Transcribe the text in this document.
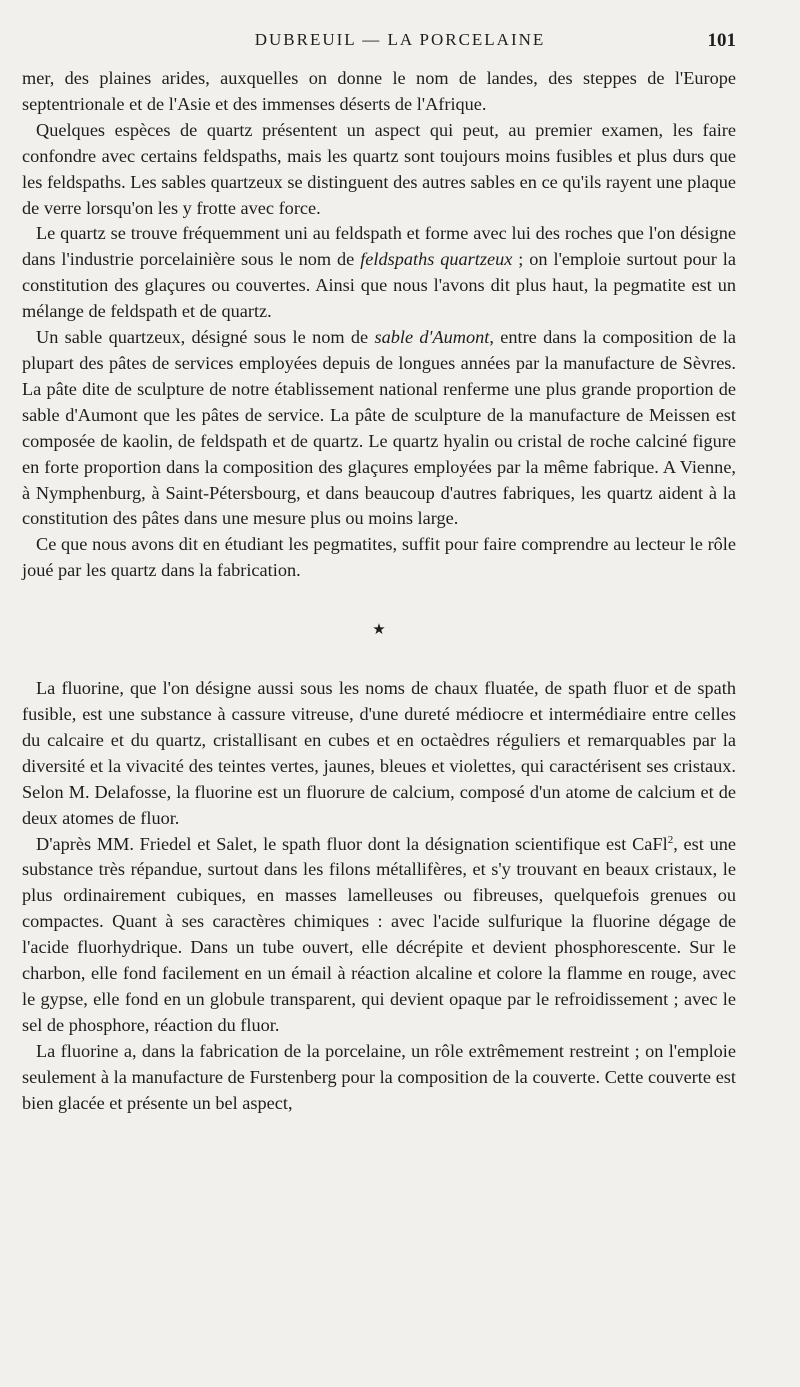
DUBREUIL — LA PORCELAINE	101

mer, des plaines arides, auxquelles on donne le nom de landes, des steppes de l'Europe septentrionale et de l'Asie et des immenses déserts de l'Afrique.

Quelques espèces de quartz présentent un aspect qui peut, au premier examen, les faire confondre avec certains feldspaths, mais les quartz sont toujours moins fusibles et plus durs que les feldspaths. Les sables quartzeux se distinguent des autres sables en ce qu'ils rayent une plaque de verre lorsqu'on les y frotte avec force.

Le quartz se trouve fréquemment uni au feldspath et forme avec lui des roches que l'on désigne dans l'industrie porcelainière sous le nom de feldspaths quartzeux ; on l'emploie surtout pour la constitution des glaçures ou couvertes. Ainsi que nous l'avons dit plus haut, la pegmatite est un mélange de feldspath et de quartz.

Un sable quartzeux, désigné sous le nom de sable d'Aumont, entre dans la composition de la plupart des pâtes de services employées depuis de longues années par la manufacture de Sèvres. La pâte dite de sculpture de notre établissement national renferme une plus grande proportion de sable d'Aumont que les pâtes de service. La pâte de sculpture de la manufacture de Meissen est composée de kaolin, de feldspath et de quartz. Le quartz hyalin ou cristal de roche calciné figure en forte proportion dans la composition des glaçures employées par la même fabrique. A Vienne, à Nymphenburg, à Saint-Pétersbourg, et dans beaucoup d'autres fabriques, les quartz aident à la constitution des pâtes dans une mesure plus ou moins large.

Ce que nous avons dit en étudiant les pegmatites, suffit pour faire comprendre au lecteur le rôle joué par les quartz dans la fabrication.

★

La fluorine, que l'on désigne aussi sous les noms de chaux fluatée, de spath fluor et de spath fusible, est une substance à cassure vitreuse, d'une dureté médiocre et intermédiaire entre celles du calcaire et du quartz, cristallisant en cubes et en octaèdres réguliers et remarquables par la diversité et la vivacité des teintes vertes, jaunes, bleues et violettes, qui caractérisent ses cristaux. Selon M. Delafosse, la fluorine est un fluorure de calcium, composé d'un atome de calcium et de deux atomes de fluor.

D'après MM. Friedel et Salet, le spath fluor dont la désignation scientifique est CaFl$^2$, est une substance très répandue, surtout dans les filons métallifères, et s'y trouvant en beaux cristaux, le plus ordinairement cubiques, en masses lamelleuses ou fibreuses, quelquefois grenues ou compactes. Quant à ses caractères chimiques : avec l'acide sulfurique la fluorine dégage de l'acide fluorhydrique. Dans un tube ouvert, elle décrépite et devient phosphorescente. Sur le charbon, elle fond facilement en un émail à réaction alcaline et colore la flamme en rouge, avec le gypse, elle fond en un globule transparent, qui devient opaque par le refroidissement ; avec le sel de phosphore, réaction du fluor.

La fluorine a, dans la fabrication de la porcelaine, un rôle extrêmement restreint ; on l'emploie seulement à la manufacture de Furstenberg pour la composition de la couverte. Cette couverte est bien glacée et présente un bel aspect,
